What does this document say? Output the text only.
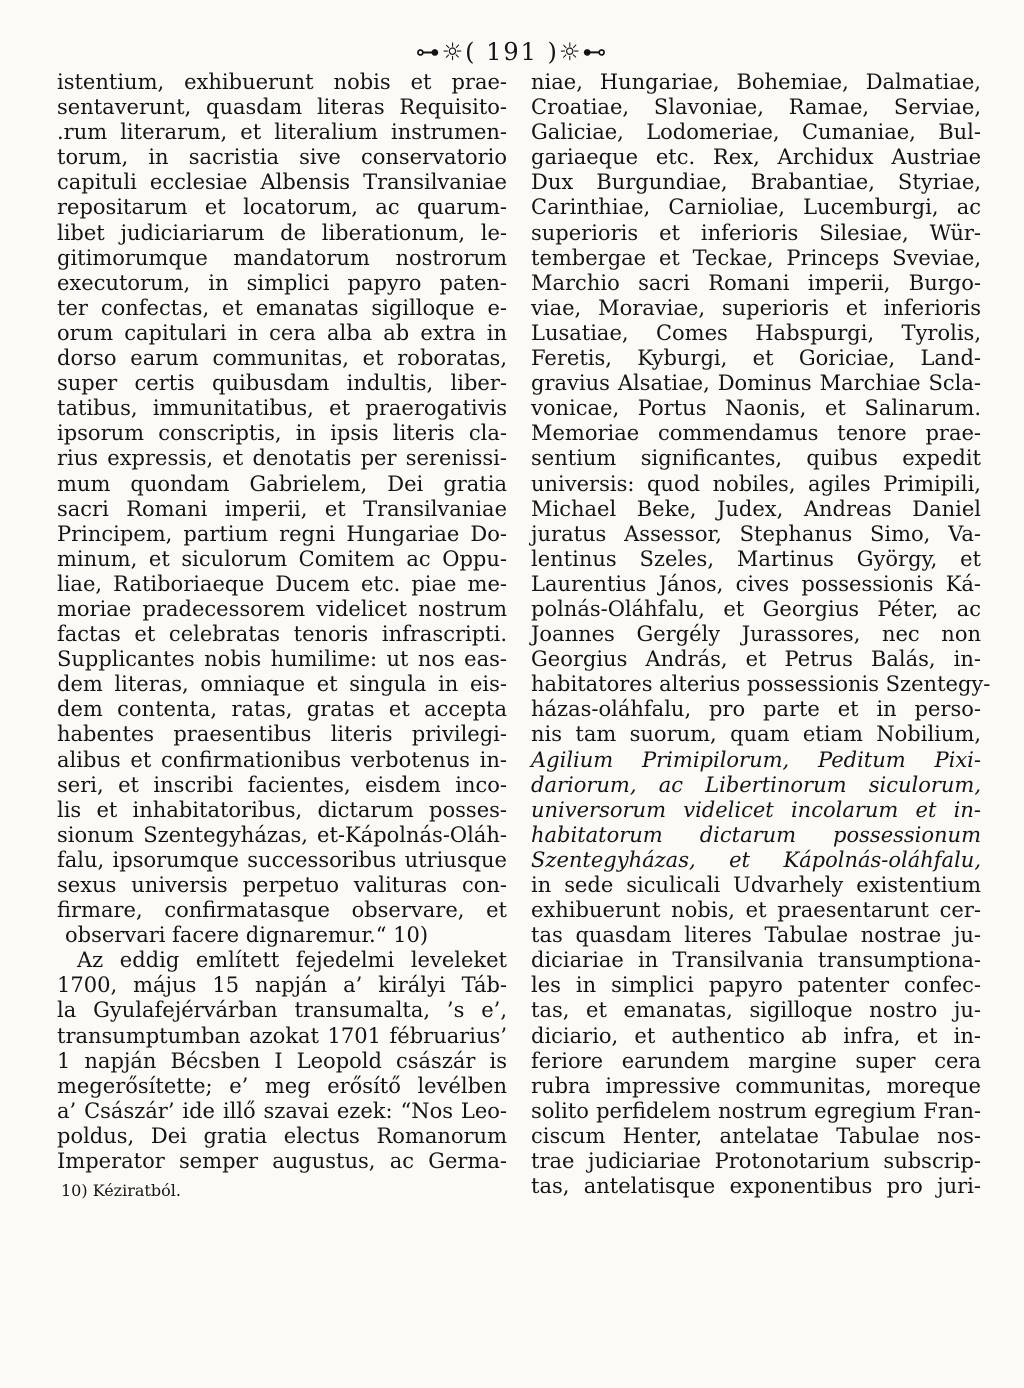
⊶☼( 191 )☼⊷
istentium, exhibuerunt nobis et prae-
sentaverunt, quasdam literas Requisito-
.rum literarum, et literalium instrumen-
torum, in sacristia sive conservatorio
capituli ecclesiae Albensis Transilvaniae
repositarum et locatorum, ac quarum-
libet judiciariarum de liberationum, le-
gitimorumque mandatorum nostrorum
executorum, in simplici papyro paten-
ter confectas, et emanatas sigilloque e-
orum capitulari in cera alba ab extra in
dorso earum communitas, et roboratas,
super certis quibusdam indultis, liber-
tatibus, immunitatibus, et praerogativis
ipsorum conscriptis, in ipsis literis cla-
rius expressis, et denotatis per serenissi-
mum quondam Gabrielem, Dei gratia
sacri Romani imperii, et Transilvaniae
Principem, partium regni Hungariae Do-
minum, et siculorum Comitem ac Oppu-
liae, Ratiboriaeque Ducem etc. piae me-
moriae pradecessorem videlicet nostrum
factas et celebratas tenoris infrascripti.
Supplicantes nobis humilime: ut nos eas-
dem literas, omniaque et singula in eis-
dem contenta, ratas, gratas et accepta
habentes praesentibus literis privilegi-
alibus et confirmationibus verbotenus in-
seri, et inscribi facientes, eisdem inco-
lis et inhabitatoribus, dictarum posses-
sionum Szentegyházas, et-Kápolnás-Oláh-
falu, ipsorumque successoribus utriusque
sexus universis perpetuo valituras con-
firmare, confirmatasque observare, et
observari facere dignaremur.“ 10)
Az eddig említett fejedelmi leveleket
1700, május 15 napján a’ királyi Táb-
la Gyulafejérvárban transumalta, ’s e’,
transumptumban azokat 1701 fébruarius’
1 napján Bécsben I Leopold császár is
megerősítette; e’ meg erősítő levélben
a’ Császár’ ide illő szavai ezek: “Nos Leo-
poldus, Dei gratia electus Romanorum
Imperator semper augustus, ac Germa-
10) Kéziratból.
niae, Hungariae, Bohemiae, Dalmatiae,
Croatiae, Slavoniae, Ramae, Serviae,
Galiciae, Lodomeriae, Cumaniae, Bul-
gariaeque etc. Rex, Archidux Austriae
Dux Burgundiae, Brabantiae, Styriae,
Carinthiae, Carnioliae, Lucemburgi, ac
superioris et inferioris Silesiae, Wür-
tembergae et Teckae, Princeps Sveviae,
Marchio sacri Romani imperii, Burgo-
viae, Moraviae, superioris et inferioris
Lusatiae, Comes Habspurgi, Tyrolis,
Feretis, Kyburgi, et Goriciae, Land-
gravius Alsatiae, Dominus Marchiae Scla-
vonicae, Portus Naonis, et Salinarum.
Memoriae commendamus tenore prae-
sentium significantes, quibus expedit
universis: quod nobiles, agiles Primipili,
Michael Beke, Judex, Andreas Daniel
juratus Assessor, Stephanus Simo, Va-
lentinus Szeles, Martinus György, et
Laurentius János, cives possessionis Ká-
polnás-Oláhfalu, et Georgius Péter, ac
Joannes Gergély Jurassores, nec non
Georgius András, et Petrus Balás, in-
habitatores alterius possessionis Szentegy-
házas-oláhfalu, pro parte et in perso-
nis tam suorum, quam etiam Nobilium,
Agilium Primipilorum, Peditum Pixi-
dariorum, ac Libertinorum siculorum,
universorum videlicet incolarum et in-
habitatorum dictarum possessionum
Szentegyházas, et Kápolnás-oláhfalu,
in sede siculicali Udvarhely existentium
exhibuerunt nobis, et praesentarunt cer-
tas quasdam literes Tabulae nostrae ju-
diciariae in Transilvania transumptiona-
les in simplici papyro patenter confec-
tas, et emanatas, sigilloque nostro ju-
diciario, et authentico ab infra, et in-
feriore earundem margine super cera
rubra impressive communitas, moreque
solito perfidelem nostrum egregium Fran-
ciscum Henter, antelatae Tabulae nos-
trae judiciariae Protonotarium subscrip-
tas, antelatisque exponentibus pro juri-
